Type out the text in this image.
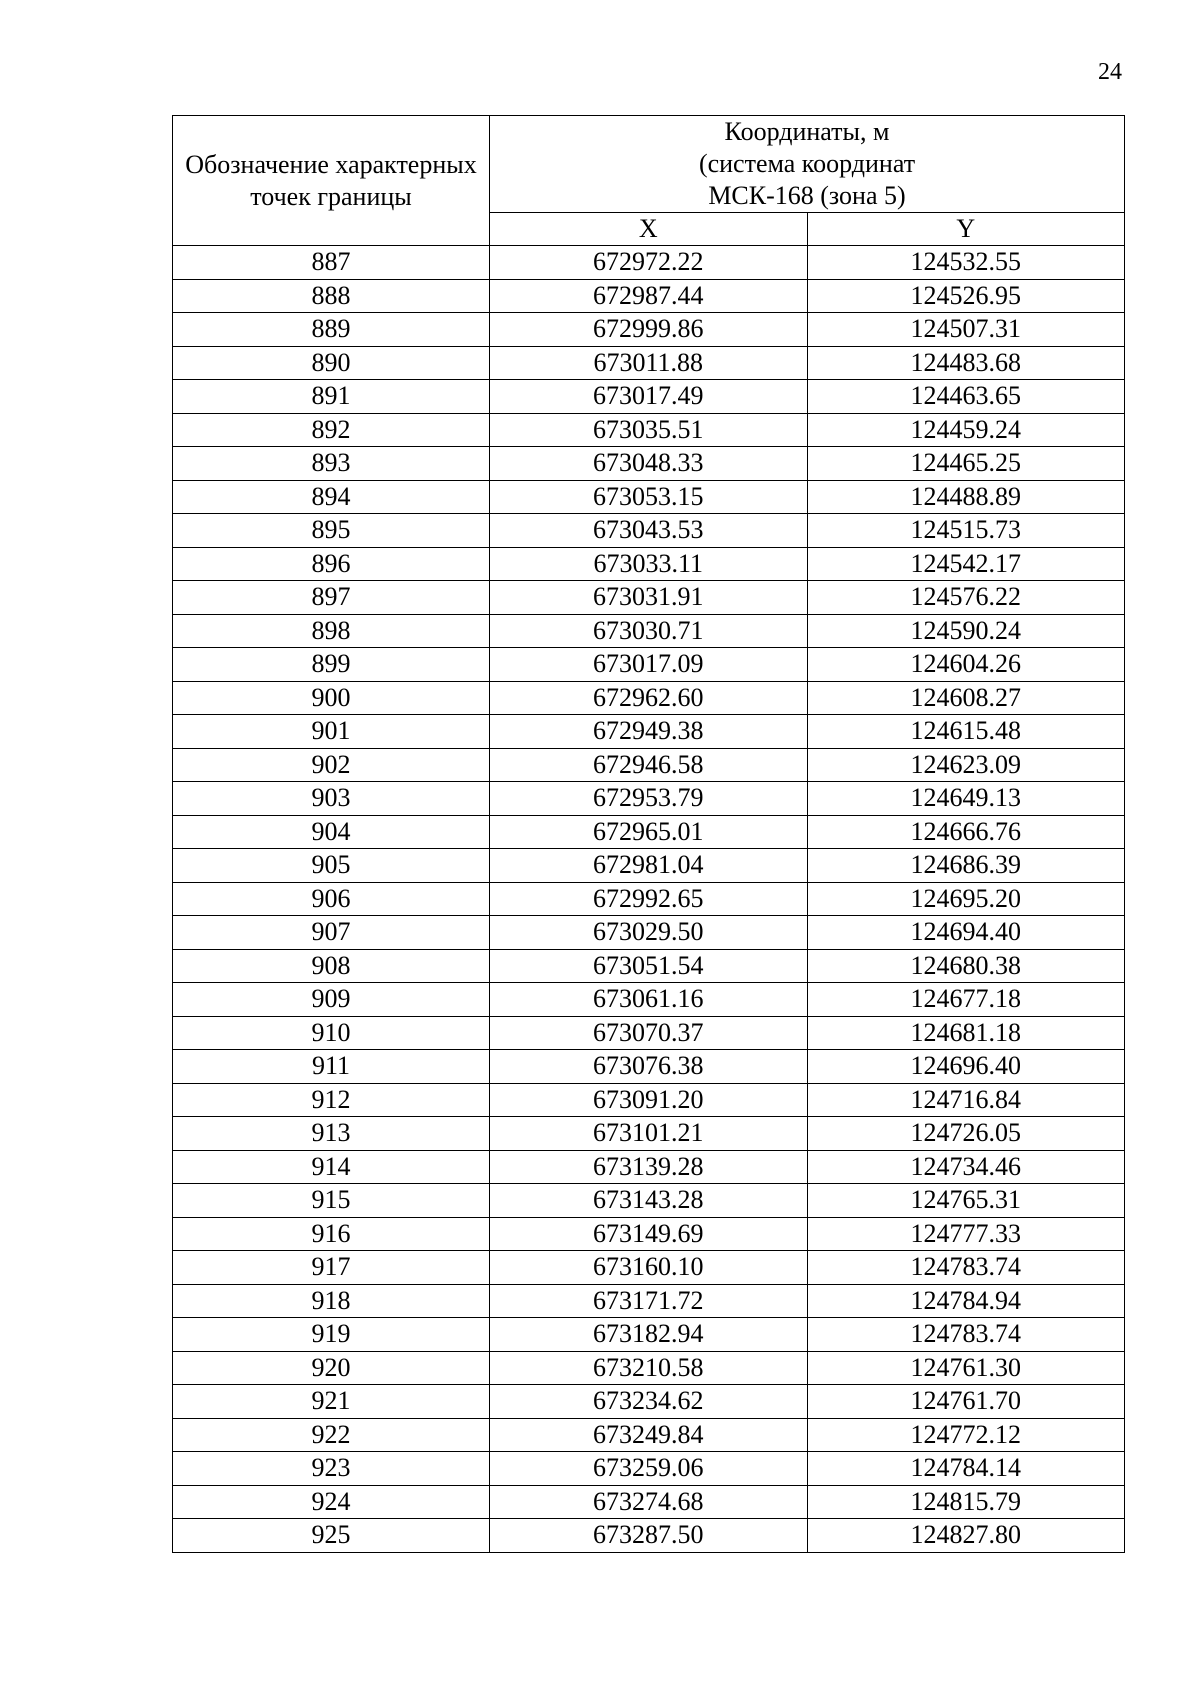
24
Обозначение характерных точек границы	Координаты, м
(система координат
МСК-168 (зона 5)	

	X	Y
887	672972.22	124532.55
888	672987.44	124526.95
889	672999.86	124507.31
890	673011.88	124483.68
891	673017.49	124463.65
892	673035.51	124459.24
893	673048.33	124465.25
894	673053.15	124488.89
895	673043.53	124515.73
896	673033.11	124542.17
897	673031.91	124576.22
898	673030.71	124590.24
899	673017.09	124604.26
900	672962.60	124608.27
901	672949.38	124615.48
902	672946.58	124623.09
903	672953.79	124649.13
904	672965.01	124666.76
905	672981.04	124686.39
906	672992.65	124695.20
907	673029.50	124694.40
908	673051.54	124680.38
909	673061.16	124677.18
910	673070.37	124681.18
911	673076.38	124696.40
912	673091.20	124716.84
913	673101.21	124726.05
914	673139.28	124734.46
915	673143.28	124765.31
916	673149.69	124777.33
917	673160.10	124783.74
918	673171.72	124784.94
919	673182.94	124783.74
920	673210.58	124761.30
921	673234.62	124761.70
922	673249.84	124772.12
923	673259.06	124784.14
924	673274.68	124815.79
925	673287.50	124827.80
